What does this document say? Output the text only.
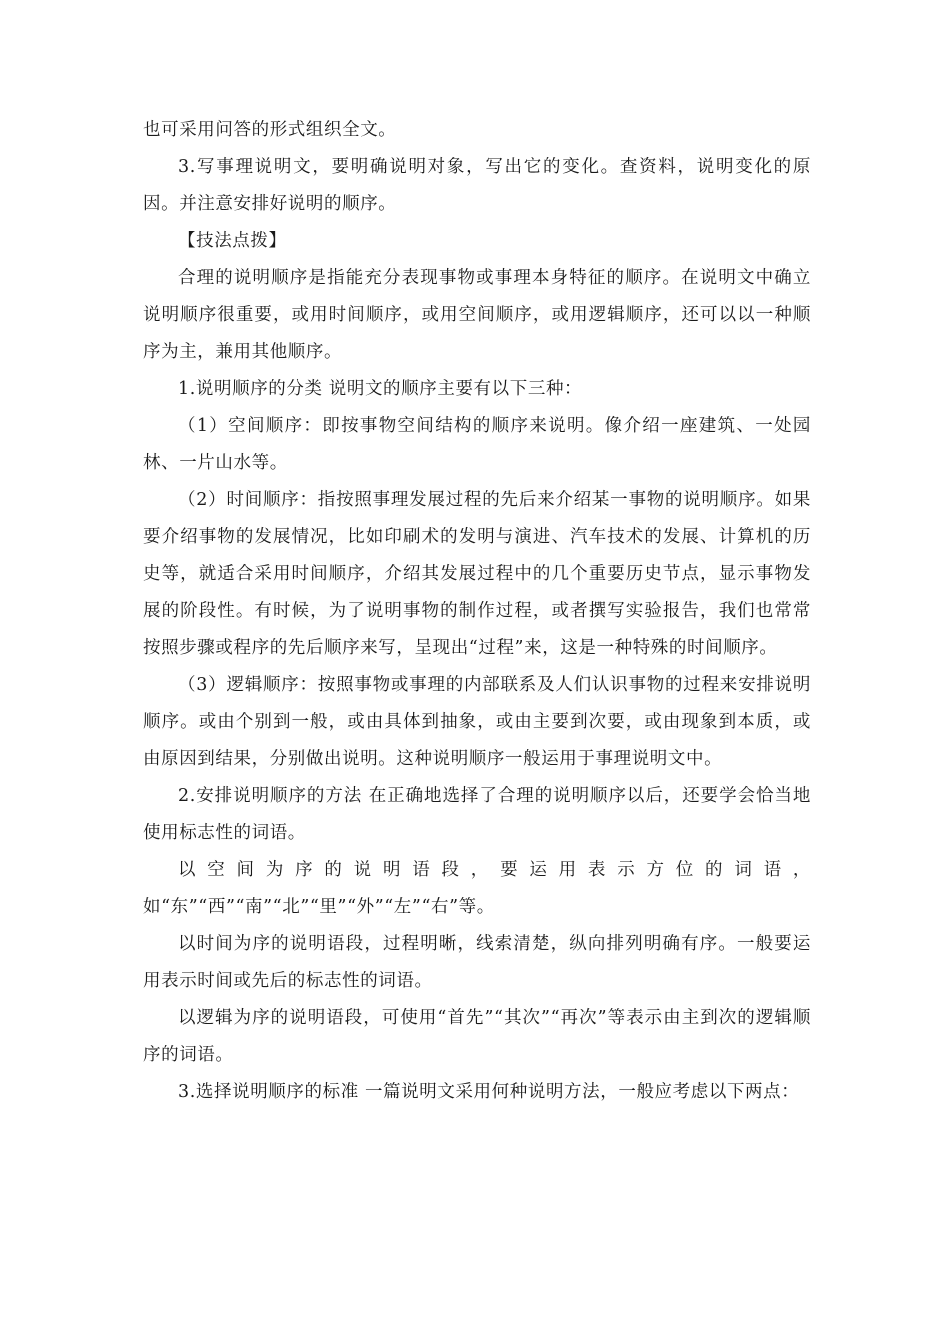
也可采用问答的形式组织全文。

3.写事理说明文，要明确说明对象，写出它的变化。查资料，说明变化的原因。并注意安排好说明的顺序。

【技法点拨】

合理的说明顺序是指能充分表现事物或事理本身特征的顺序。在说明文中确立说明顺序很重要，或用时间顺序，或用空间顺序，或用逻辑顺序，还可以以一种顺序为主，兼用其他顺序。

1.说明顺序的分类 说明文的顺序主要有以下三种：

（1）空间顺序：即按事物空间结构的顺序来说明。像介绍一座建筑、一处园林、一片山水等。

（2）时间顺序：指按照事理发展过程的先后来介绍某一事物的说明顺序。如果要介绍事物的发展情况，比如印刷术的发明与演进、汽车技术的发展、计算机的历史等，就适合采用时间顺序，介绍其发展过程中的几个重要历史节点，显示事物发展的阶段性。有时候，为了说明事物的制作过程，或者撰写实验报告，我们也常常按照步骤或程序的先后顺序来写，呈现出“过程”来，这是一种特殊的时间顺序。

（3）逻辑顺序：按照事物或事理的内部联系及人们认识事物的过程来安排说明顺序。或由个别到一般，或由具体到抽象，或由主要到次要，或由现象到本质，或由原因到结果，分别做出说明。这种说明顺序一般运用于事理说明文中。

2.安排说明顺序的方法 在正确地选择了合理的说明顺序以后，还要学会恰当地使用标志性的词语。

以空间为序的说明语段，要运用表示方位的词语，如“东”“西”“南”“北”“里”“外”“左”“右”等。

以时间为序的说明语段，过程明晰，线索清楚，纵向排列明确有序。一般要运用表示时间或先后的标志性的词语。

以逻辑为序的说明语段，可使用“首先”“其次”“再次”等表示由主到次的逻辑顺序的词语。

3.选择说明顺序的标准 一篇说明文采用何种说明方法，一般应考虑以下两点：
